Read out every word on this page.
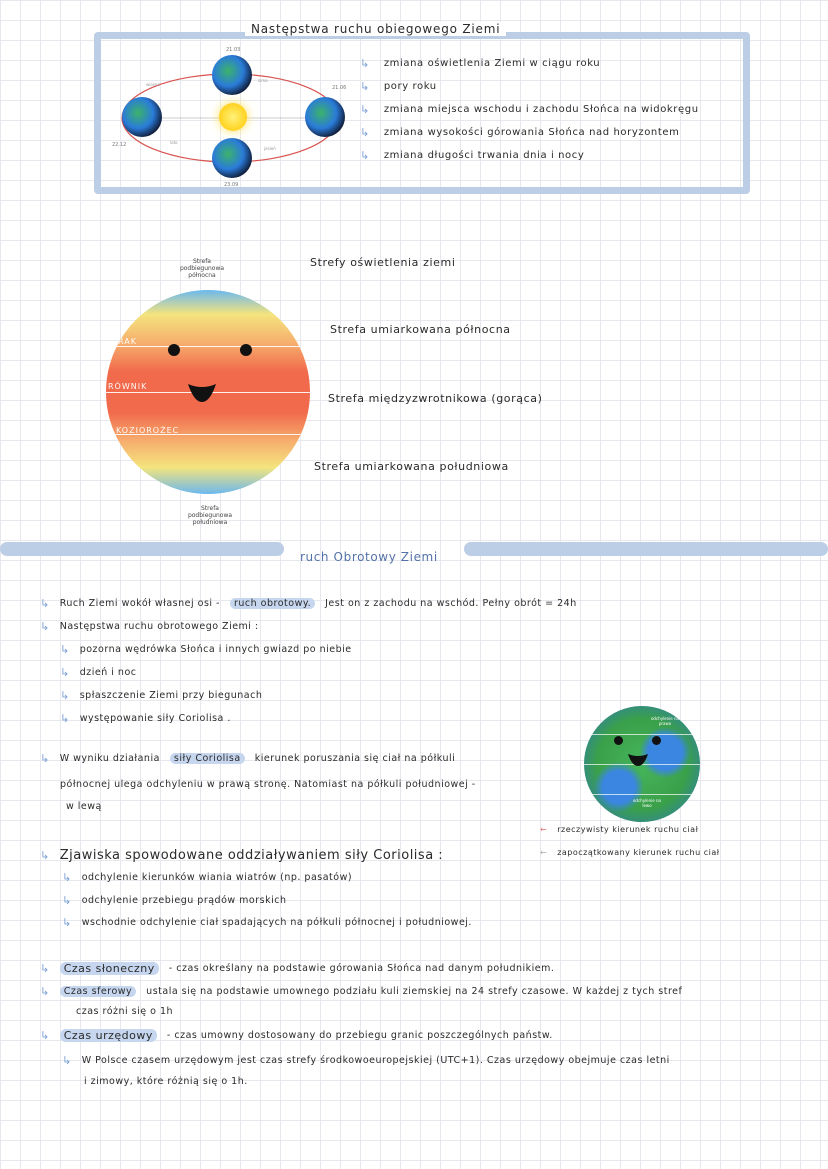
Następstwa ruchu obiegowego Ziemi
21.03
22.12
21.06
23.09
wiosna
zima
lato
jesień
↳ zmiana oświetlenia Ziemi w ciągu roku
↳ pory roku
↳ zmiana miejsca wschodu i zachodu Słońca na widokręgu
↳ zmiana wysokości górowania Słońca nad horyzontem
↳ zmiana długości trwania dnia i nocy
Strefa podbiegunowa północna
Strefa podbiegunowa południowa
RAK
RÓWNIK
KOZIOROŻEC
Strefy oświetlenia ziemi
Strefa umiarkowana północna
Strefa międzyzwrotnikowa (gorąca)
Strefa umiarkowana południowa
ruch Obrotowy Ziemi
↳ Ruch Ziemi wokół własnej osi -	ruch obrotowy.	Jest on z zachodu na wschód. Pełny obrót = 24h
↳ Następstwa ruchu obrotowego Ziemi :
↳ pozorna wędrówka Słońca i innych gwiazd po niebie
↳ dzień i noc
↳ spłaszczenie Ziemi przy biegunach
↳ występowanie siły Coriolisa .
↳ W wyniku działania	siły Coriolisa	kierunek poruszania się ciał na półkuli
północnej ulega odchyleniu w prawą stronę. Natomiast na półkuli południowej -
w lewą
odchylenie na prawo
odchylenie na lewo
← rzeczywisty kierunek ruchu ciał
← zapoczątkowany kierunek ruchu ciał
↳ Zjawiska spowodowane oddziaływaniem siły Coriolisa :
↳ odchylenie kierunków wiania wiatrów (np. pasatów)
↳ odchylenie przebiegu prądów morskich
↳ wschodnie odchylenie ciał spadających na półkuli północnej i południowej.
↳	Czas słoneczny	- czas określany na podstawie górowania Słońca nad danym południkiem.
↳	Czas sferowy	ustala się na podstawie umownego podziału kuli ziemskiej na 24 strefy czasowe. W każdej z tych stref
czas różni się o 1h
↳	Czas urzędowy	- czas umowny dostosowany do przebiegu granic poszczególnych państw.
↳ W Polsce czasem urzędowym jest czas strefy środkowoeuropejskiej (UTC+1). Czas urzędowy obejmuje czas letni
i zimowy, które różnią się o 1h.
